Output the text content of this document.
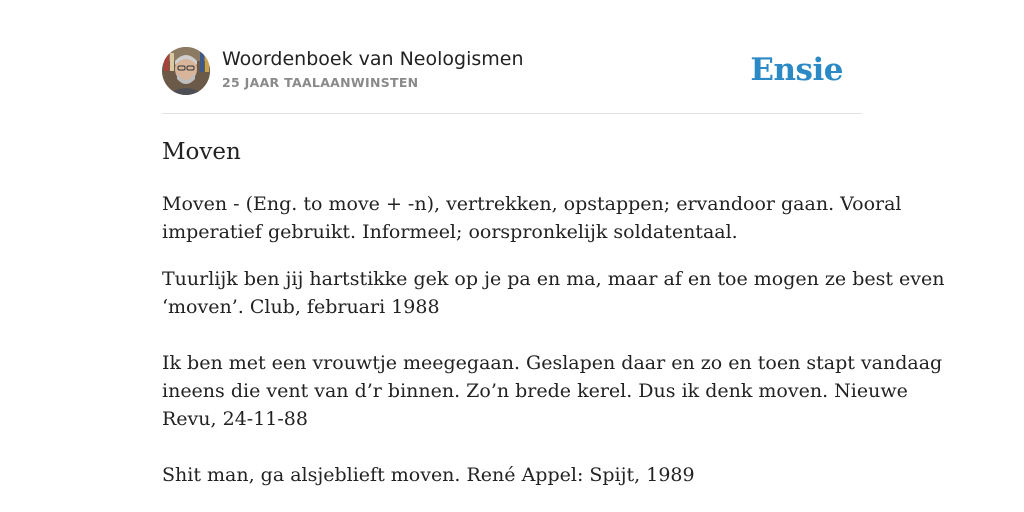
Woordenboek van Neologismen
25 JAAR TAALAANWINSTEN	Ensie
Moven
Moven - (Eng. to move + -n), vertrekken, opstappen; ervandoor gaan. Vooral
imperatief gebruikt. Informeel; oorspronkelijk soldatentaal.
Tuurlijk ben jij hartstikke gek op je pa en ma, maar af en toe mogen ze best even
‘moven’. Club, februari 1988
Ik ben met een vrouwtje meegegaan. Geslapen daar en zo en toen stapt vandaag
ineens die vent van d’r binnen. Zo’n brede kerel. Dus ik denk moven. Nieuwe
Revu, 24-11-88
Shit man, ga alsjeblieft moven. René Appel: Spijt, 1989
